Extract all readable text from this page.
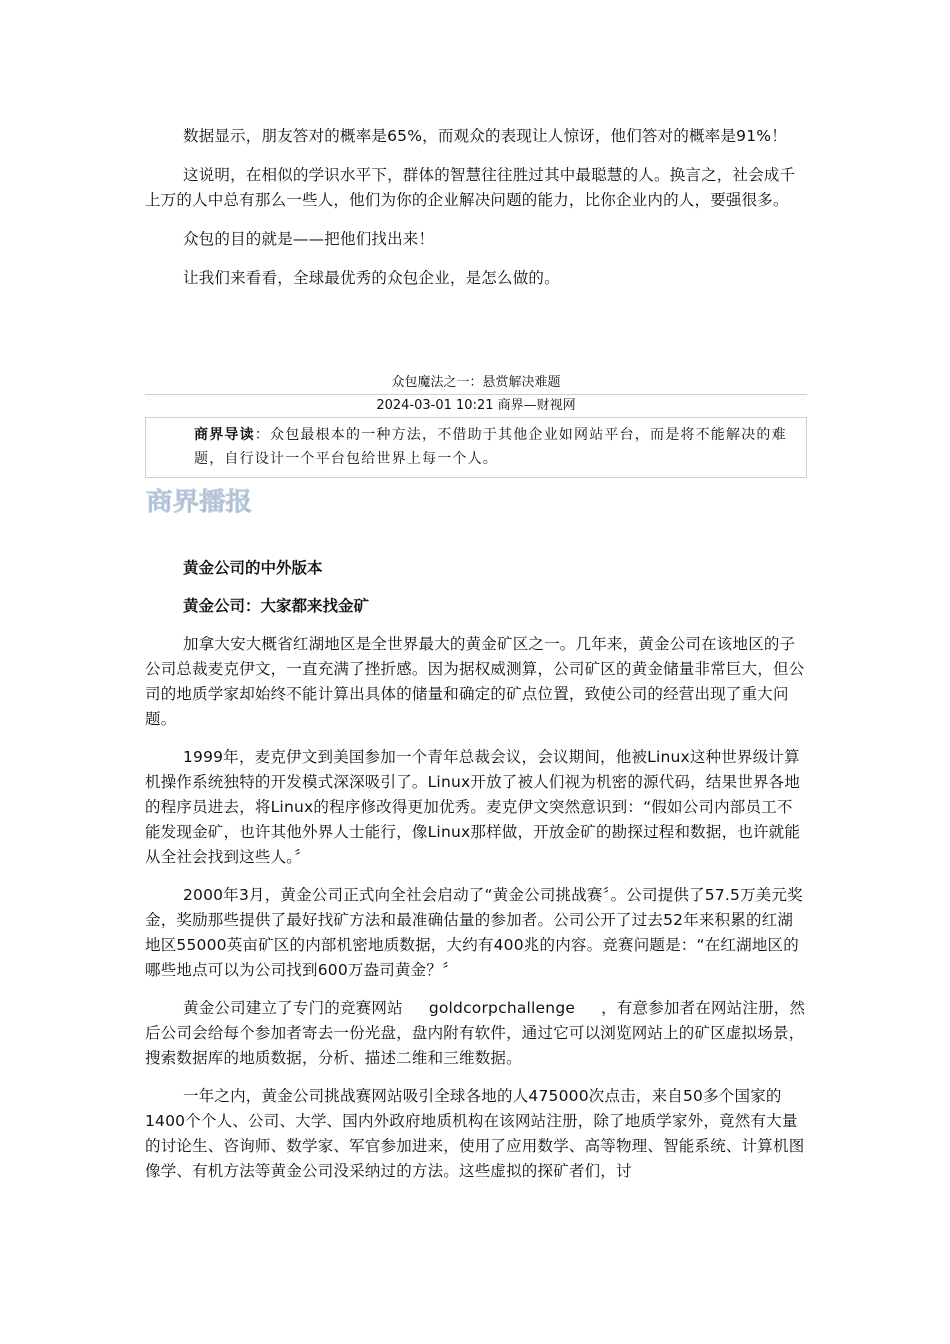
数据显示，朋友答对的概率是65%，而观众的表现让人惊讶，他们答对的概率是91%！

这说明，在相似的学识水平下，群体的智慧往往胜过其中最聪慧的人。换言之，社会成千上万的人中总有那么一些人，他们为你的企业解决问题的能力，比你企业内的人，要强很多。

众包的目的就是——把他们找出来！

让我们来看看，全球最优秀的众包企业，是怎么做的。

众包魔法之一：悬赏解决难题
2024-03-01 10:21 商界—财视网
商界导读：众包最根本的一种方法，不借助于其他企业如网站平台，而是将不能解决的难题，自行设计一个平台包给世界上每一个人。
商界播报
黄金公司的中外版本
黄金公司：大家都来找金矿

加拿大安大概省红湖地区是全世界最大的黄金矿区之一。几年来，黄金公司在该地区的子公司总裁麦克伊文，一直充满了挫折感。因为据权威测算，公司矿区的黄金储量非常巨大，但公司的地质学家却始终不能计算出具体的储量和确定的矿点位置，致使公司的经营出现了重大问题。

1999年，麦克伊文到美国参加一个青年总裁会议，会议期间，他被Linux这种世界级计算机操作系统独特的开发模式深深吸引了。Linux开放了被人们视为机密的源代码，结果世界各地的程序员进去，将Linux的程序修改得更加优秀。麦克伊文突然意识到：“假如公司内部员工不能发现金矿，也许其他外界人士能行，像Linux那样做，开放金矿的勘探过程和数据，也许就能从全社会找到这些人。〞

2000年3月，黄金公司正式向全社会启动了“黄金公司挑战赛〞。公司提供了57.5万美元奖金，奖励那些提供了最好找矿方法和最准确估量的参加者。公司公开了过去52年来积累的红湖地区55000英亩矿区的内部机密地质数据，大约有400兆的内容。竞赛问题是：“在红湖地区的哪些地点可以为公司找到600万盎司黄金？〞

黄金公司建立了专门的竞赛网站 goldcorpchallenge ，有意参加者在网站注册，然后公司会给每个参加者寄去一份光盘，盘内附有软件，通过它可以浏览网站上的矿区虚拟场景，搜索数据库的地质数据，分析、描述二维和三维数据。

一年之内，黄金公司挑战赛网站吸引全球各地的人475000次点击，来自50多个国家的1400个个人、公司、大学、国内外政府地质机构在该网站注册，除了地质学家外，竟然有大量的讨论生、咨询师、数学家、军官参加进来，使用了应用数学、高等物理、智能系统、计算机图像学、有机方法等黄金公司没采纳过的方法。这些虚拟的探矿者们，讨
